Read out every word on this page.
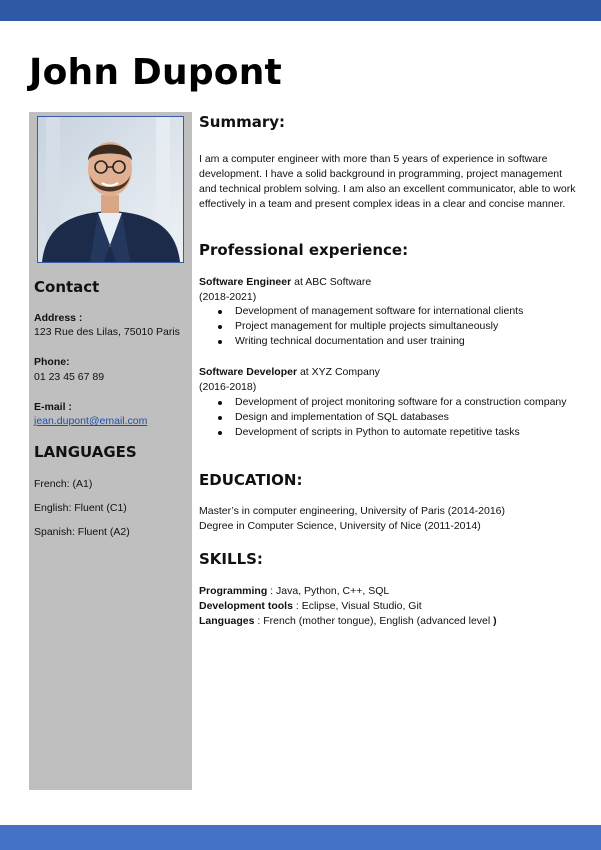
John Dupont
Contact
Address :
123 Rue des Lilas, 75010 Paris
Phone:
01 23 45 67 89
E-mail :
jean.dupont@email.com
LANGUAGES
French: (A1)
English: Fluent (C1)
Spanish: Fluent (A2)
Summary:
I am a computer engineer with more than 5 years of experience in software development. I have a solid background in programming, project management and technical problem solving. I am also an excellent communicator, able to work effectively in a team and present complex ideas in a clear and concise manner.
Professional experience:
Software Engineer at ABC Software
(2018-2021)
Development of management software for international clients
Project management for multiple projects simultaneously
Writing technical documentation and user training
Software Developer at XYZ Company
(2016-2018)
Development of project monitoring software for a construction company
Design and implementation of SQL databases
Development of scripts in Python to automate repetitive tasks
EDUCATION:
Master’s in computer engineering, University of Paris (2014-2016)
Degree in Computer Science, University of Nice (2011-2014)
SKILLS:
Programming : Java, Python, C++, SQL
Development tools : Eclipse, Visual Studio, Git
Languages : French (mother tongue), English (advanced level )
